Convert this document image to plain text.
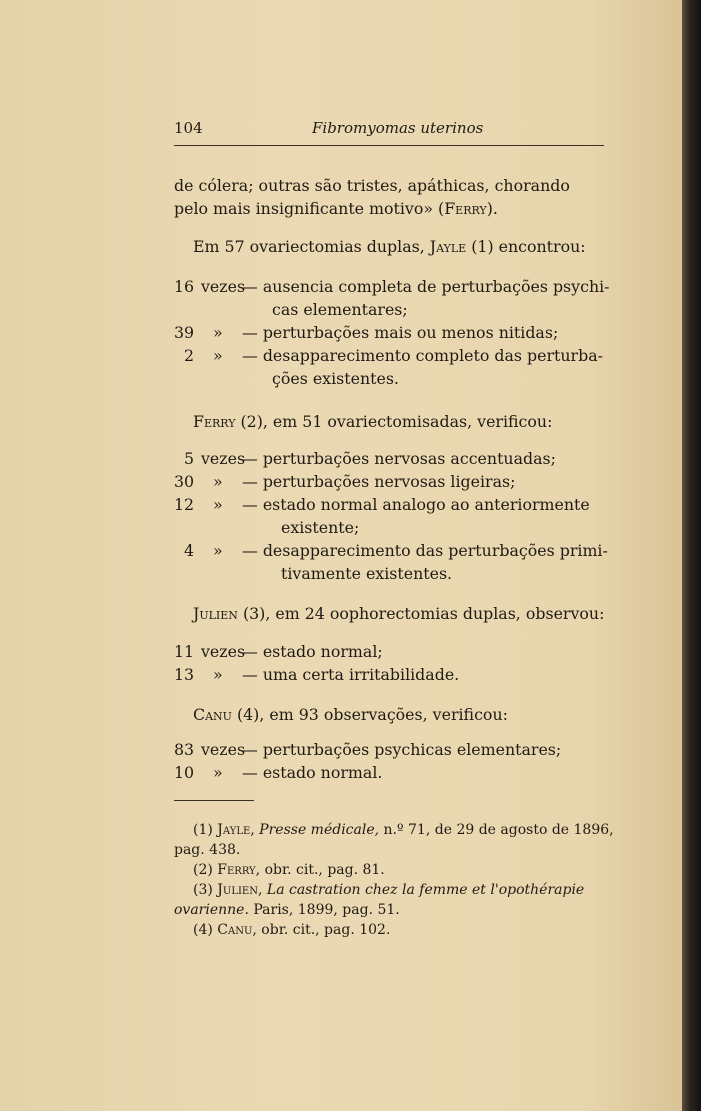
104	Fibromyomas uterinos
de cólera; outras são tristes, apáthicas, chorando
pelo mais insignificante motivo» (Ferry).
Em 57 ovariectomias duplas, Jayle (1) encontrou:
16 vezes
— ausencia completa de perturbações psychi-
cas elementares;
39 » — perturbações mais ou menos nitidas;
2 » — desapparecimento completo das perturba-
ções existentes.
Ferry (2), em 51 ovariectomisadas, verificou:
5 vezes
— perturbações nervosas accentuadas;
30 » — perturbações nervosas ligeiras;
12 » — estado normal analogo ao anteriormente
existente;
4 » — desapparecimento das perturbações primi-
tivamente existentes.
Julien (3), em 24 oophorectomias duplas, observou:
11 vezes
— estado normal;
13 » — uma certa irritabilidade.
Canu (4), em 93 observações, verificou:
83 vezes
— perturbações psychicas elementares;
10 » — estado normal.
(1) Jayle, Presse médicale, n.º 71, de 29 de agosto de 1896,
pag. 438.
(2) Ferry, obr. cit., pag. 81.
(3) Julien, La castration chez la femme et l'opothérapie
ovarienne. Paris, 1899, pag. 51.
(4) Canu, obr. cit., pag. 102.
